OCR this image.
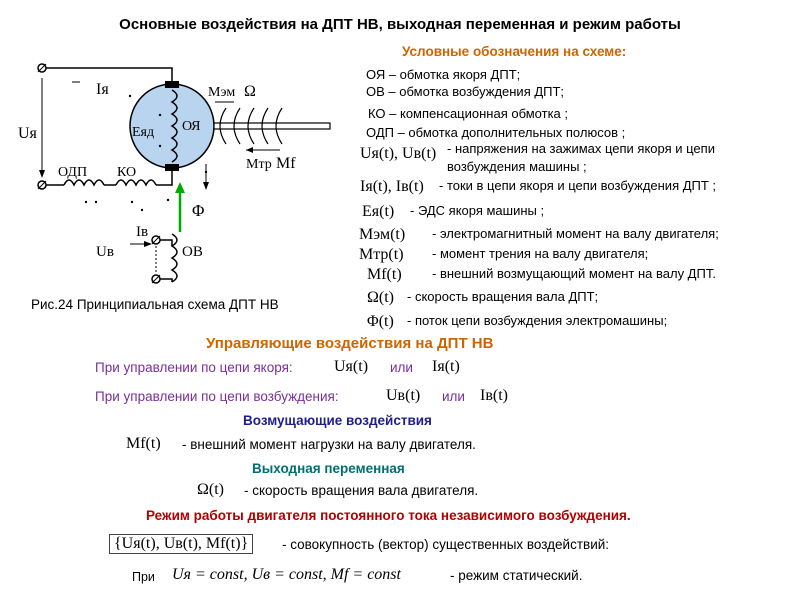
Основные воздействия на ДПТ НВ, выходная переменная и режим работы
Iя
Uя
ОДП КО
Eяд ОЯ
Mэм Ω
Mтр Mf
Φ
Iв
Uв	ОВ
Рис.24 Принципиальная схема ДПТ НВ
Условные обозначения на схеме:
ОЯ – обмотка якоря ДПТ;
ОВ – обмотка возбуждения ДПТ;
КО – компенсационная обмотка ;
ОДП – обмотка дополнительных полюсов ;
Uя(t), Uв(t) - напряжения на зажимах цепи якоря и цепи
возбуждения машины ;
Iя(t), Iв(t) - токи в цепи якоря и цепи возбуждения ДПТ ;
Eя(t) - ЭДС якоря машины ;
Mэм(t) - электромагнитный момент на валу двигателя;
Mтр(t) - момент трения на валу двигателя;
Mf(t) - внешний возмущающий момент на валу ДПТ.
Ω(t) - скорость вращения вала ДПТ;
Φ(t) - поток цепи возбуждения электромашины;
Управляющие воздействия на ДПТ НВ
При управлении по цепи якоря:	Uя(t) или Iя(t)
При управлении по цепи возбуждения:	Uв(t) или Iв(t)
Возмущающие воздействия
Mf(t) - внешний момент нагрузки на валу двигателя.
Выходная переменная
Ω(t) - скорость вращения вала двигателя.
Режим работы двигателя постоянного тока независимого возбуждения.
{Uя(t), Uв(t), Mf(t)}	- совокупность (вектор) существенных воздействий:
При Uя = const, Uв = const, Mf = const	- режим статический.
